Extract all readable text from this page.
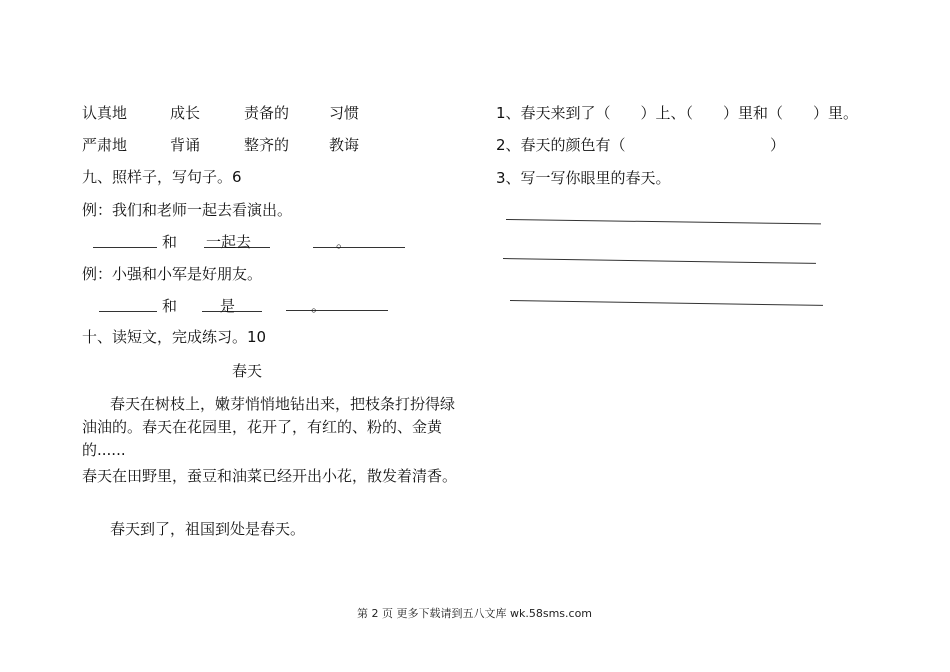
认真地	成长	责备的	习惯
严肃地	背诵	整齐的	教诲
九、照样子，写句子。6
例：我们和老师一起去看演出。
和 一起去	。
例：小强和小军是好朋友。
和	是	。
十、读短文，完成练习。10
春天
春天在树枝上，嫩芽悄悄地钻出来，把枝条打扮得绿油油的。春天在花园里，花开了，有红的、粉的、金黄的......
春天在田野里，蚕豆和油菜已经开出小花，散发着清香。
春天到了，祖国到处是春天。
1、春天来到了（　　）上、（　　）里和（　　）里。
2、春天的颜色有（	）
3、写一写你眼里的春天。
第 2 页 更多下载请到五八文库 wk.58sms.com
